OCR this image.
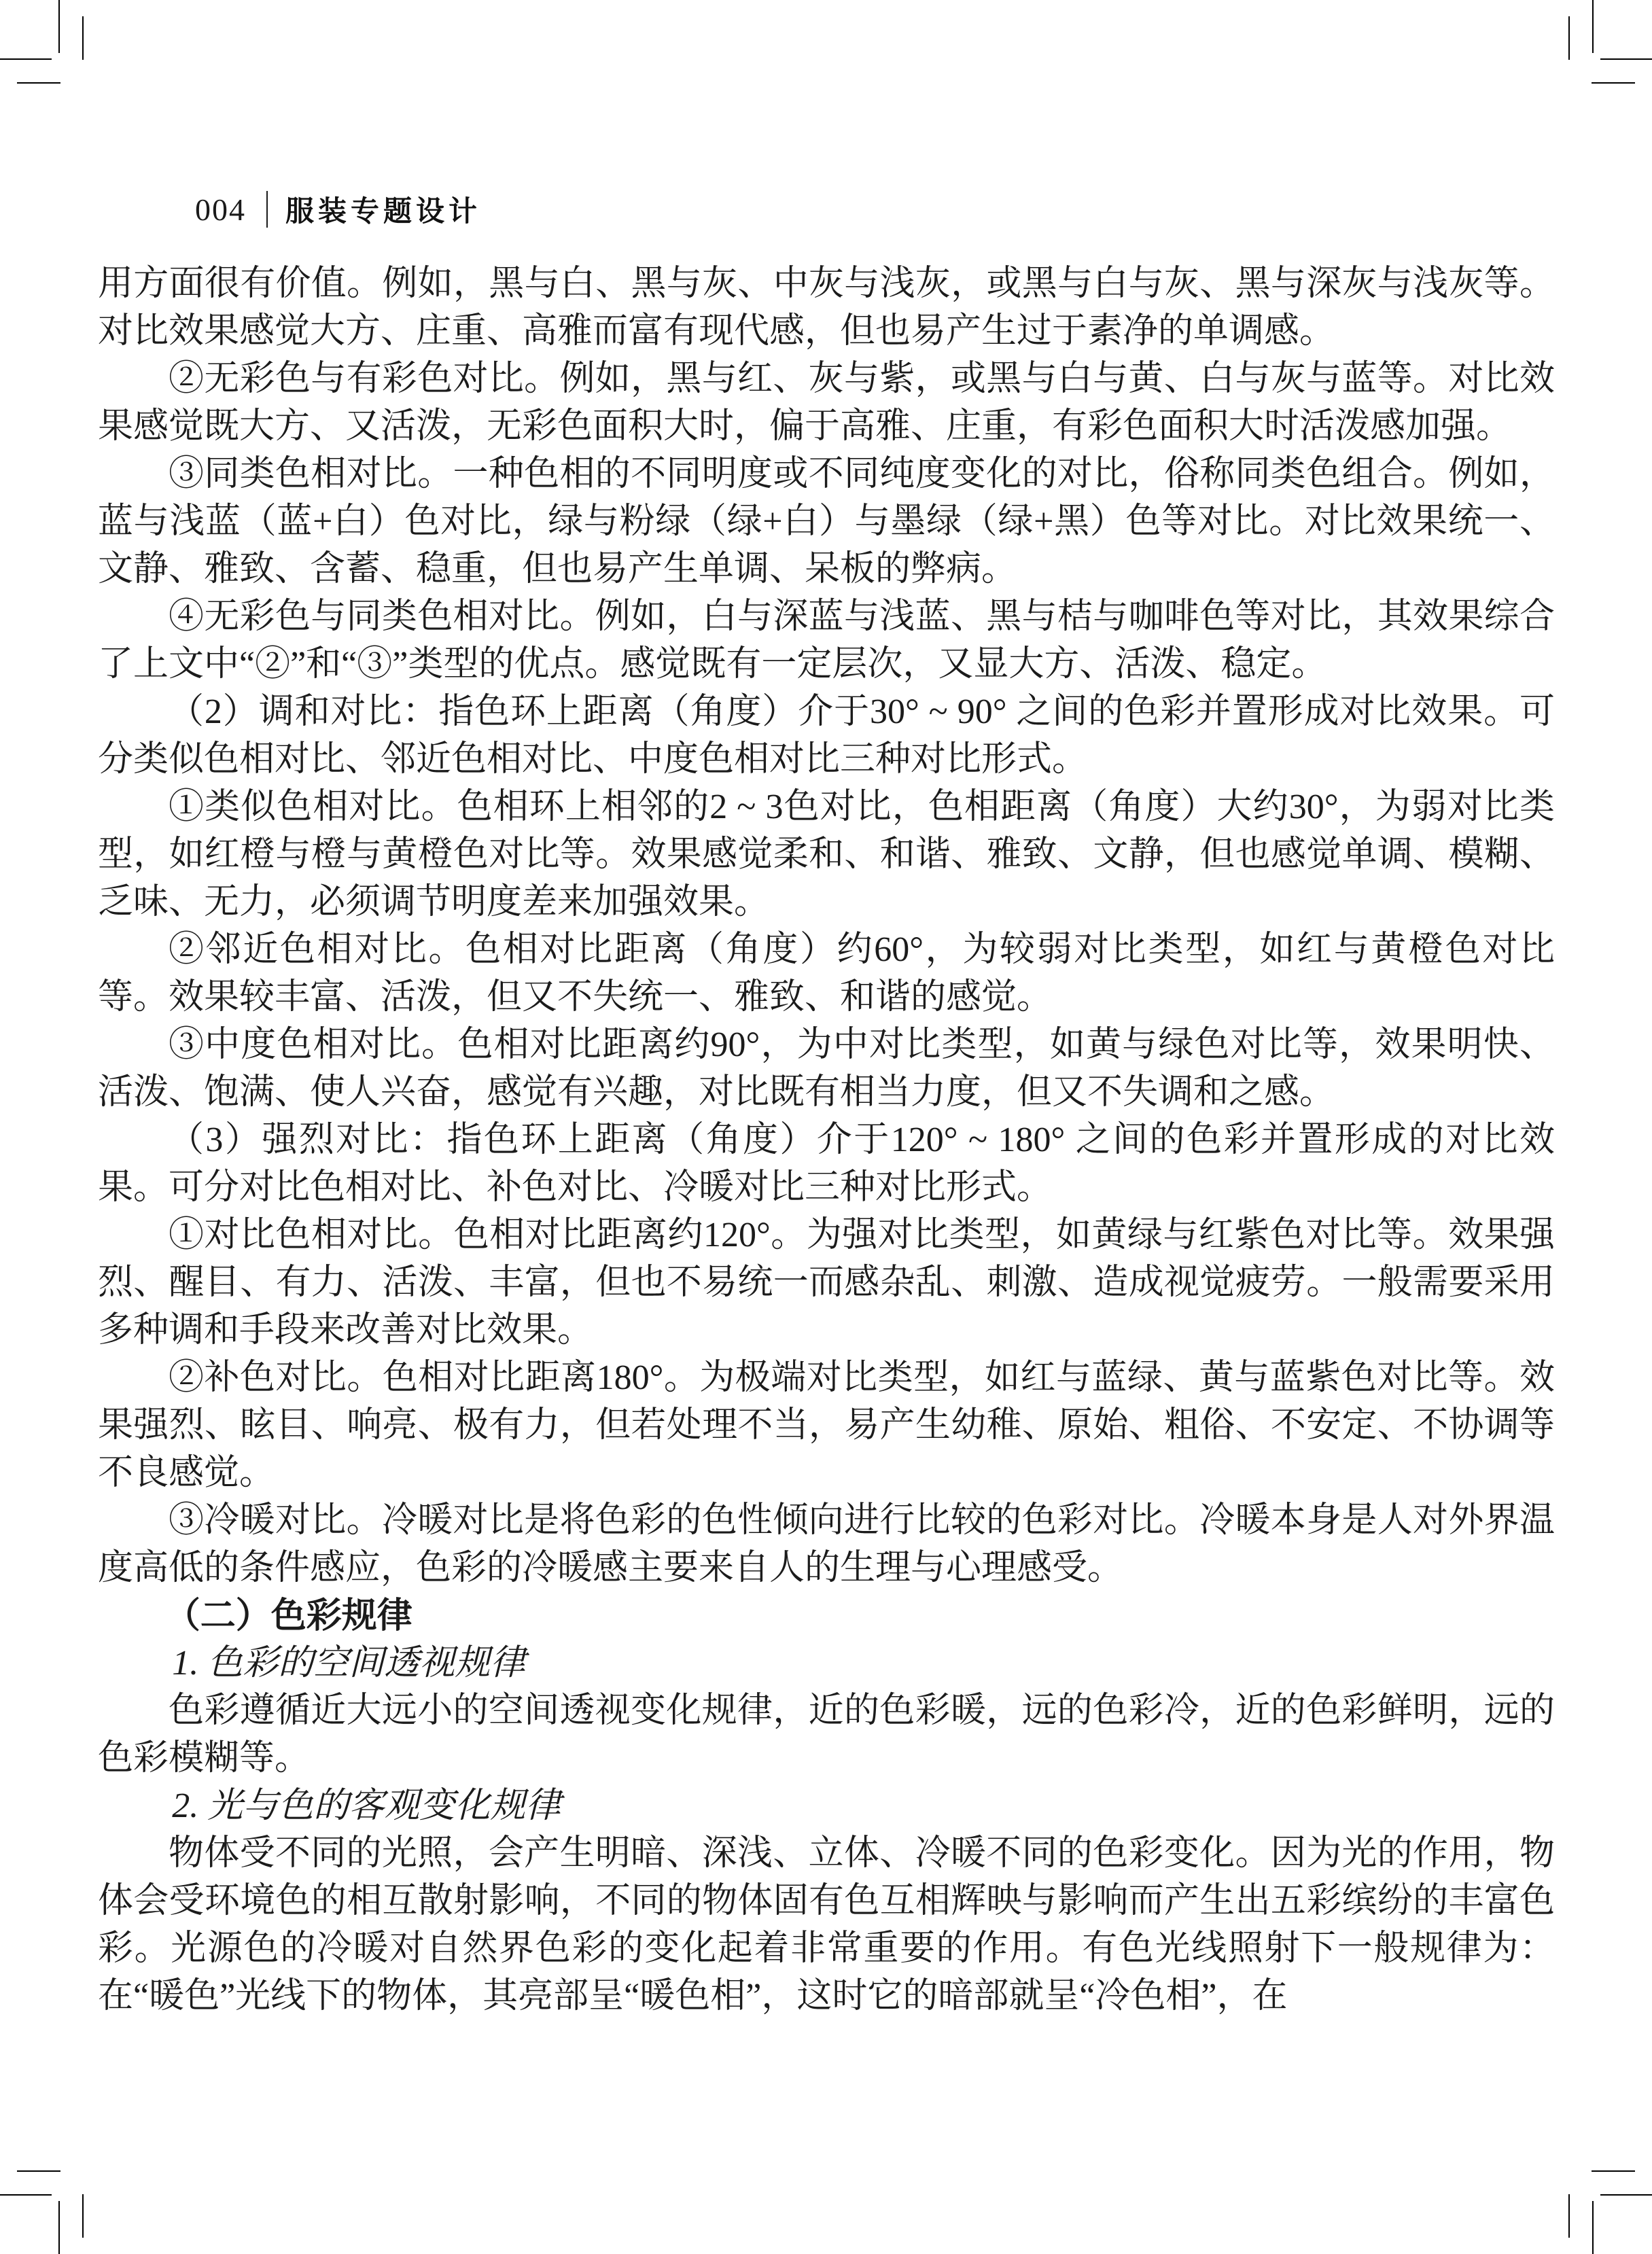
004 服装专题设计

用方面很有价值。例如，黑与白、黑与灰、中灰与浅灰，或黑与白与灰、黑与深灰与浅灰等。对比效果感觉大方、庄重、高雅而富有现代感，但也易产生过于素净的单调感。

②无彩色与有彩色对比。例如，黑与红、灰与紫，或黑与白与黄、白与灰与蓝等。对比效果感觉既大方、又活泼，无彩色面积大时，偏于高雅、庄重，有彩色面积大时活泼感加强。

③同类色相对比。一种色相的不同明度或不同纯度变化的对比，俗称同类色组合。例如，蓝与浅蓝（蓝+白）色对比，绿与粉绿（绿+白）与墨绿（绿+黑）色等对比。对比效果统一、文静、雅致、含蓄、稳重，但也易产生单调、呆板的弊病。

④无彩色与同类色相对比。例如，白与深蓝与浅蓝、黑与桔与咖啡色等对比，其效果综合了上文中“②”和“③”类型的优点。感觉既有一定层次，又显大方、活泼、稳定。

（2）调和对比：指色环上距离（角度）介于30° ~ 90° 之间的色彩并置形成对比效果。可分类似色相对比、邻近色相对比、中度色相对比三种对比形式。

①类似色相对比。色相环上相邻的2 ~ 3色对比，色相距离（角度）大约30°，为弱对比类型，如红橙与橙与黄橙色对比等。效果感觉柔和、和谐、雅致、文静，但也感觉单调、模糊、乏味、无力，必须调节明度差来加强效果。

②邻近色相对比。色相对比距离（角度）约60°，为较弱对比类型，如红与黄橙色对比等。效果较丰富、活泼，但又不失统一、雅致、和谐的感觉。

③中度色相对比。色相对比距离约90°，为中对比类型，如黄与绿色对比等，效果明快、活泼、饱满、使人兴奋，感觉有兴趣，对比既有相当力度，但又不失调和之感。

（3）强烈对比：指色环上距离（角度）介于120° ~ 180° 之间的色彩并置形成的对比效果。可分对比色相对比、补色对比、冷暖对比三种对比形式。

①对比色相对比。色相对比距离约120°。为强对比类型，如黄绿与红紫色对比等。效果强烈、醒目、有力、活泼、丰富，但也不易统一而感杂乱、刺激、造成视觉疲劳。一般需要采用多种调和手段来改善对比效果。

②补色对比。色相对比距离180°。为极端对比类型，如红与蓝绿、黄与蓝紫色对比等。效果强烈、眩目、响亮、极有力，但若处理不当，易产生幼稚、原始、粗俗、不安定、不协调等不良感觉。

③冷暖对比。冷暖对比是将色彩的色性倾向进行比较的色彩对比。冷暖本身是人对外界温度高低的条件感应，色彩的冷暖感主要来自人的生理与心理感受。

（二）色彩规律

1. 色彩的空间透视规律

色彩遵循近大远小的空间透视变化规律，近的色彩暖，远的色彩冷，近的色彩鲜明，远的色彩模糊等。

2. 光与色的客观变化规律

物体受不同的光照，会产生明暗、深浅、立体、冷暖不同的色彩变化。因为光的作用，物体会受环境色的相互散射影响，不同的物体固有色互相辉映与影响而产生出五彩缤纷的丰富色彩。光源色的冷暖对自然界色彩的变化起着非常重要的作用。有色光线照射下一般规律为：在“暖色”光线下的物体，其亮部呈“暖色相”，这时它的暗部就呈“冷色相”，在
